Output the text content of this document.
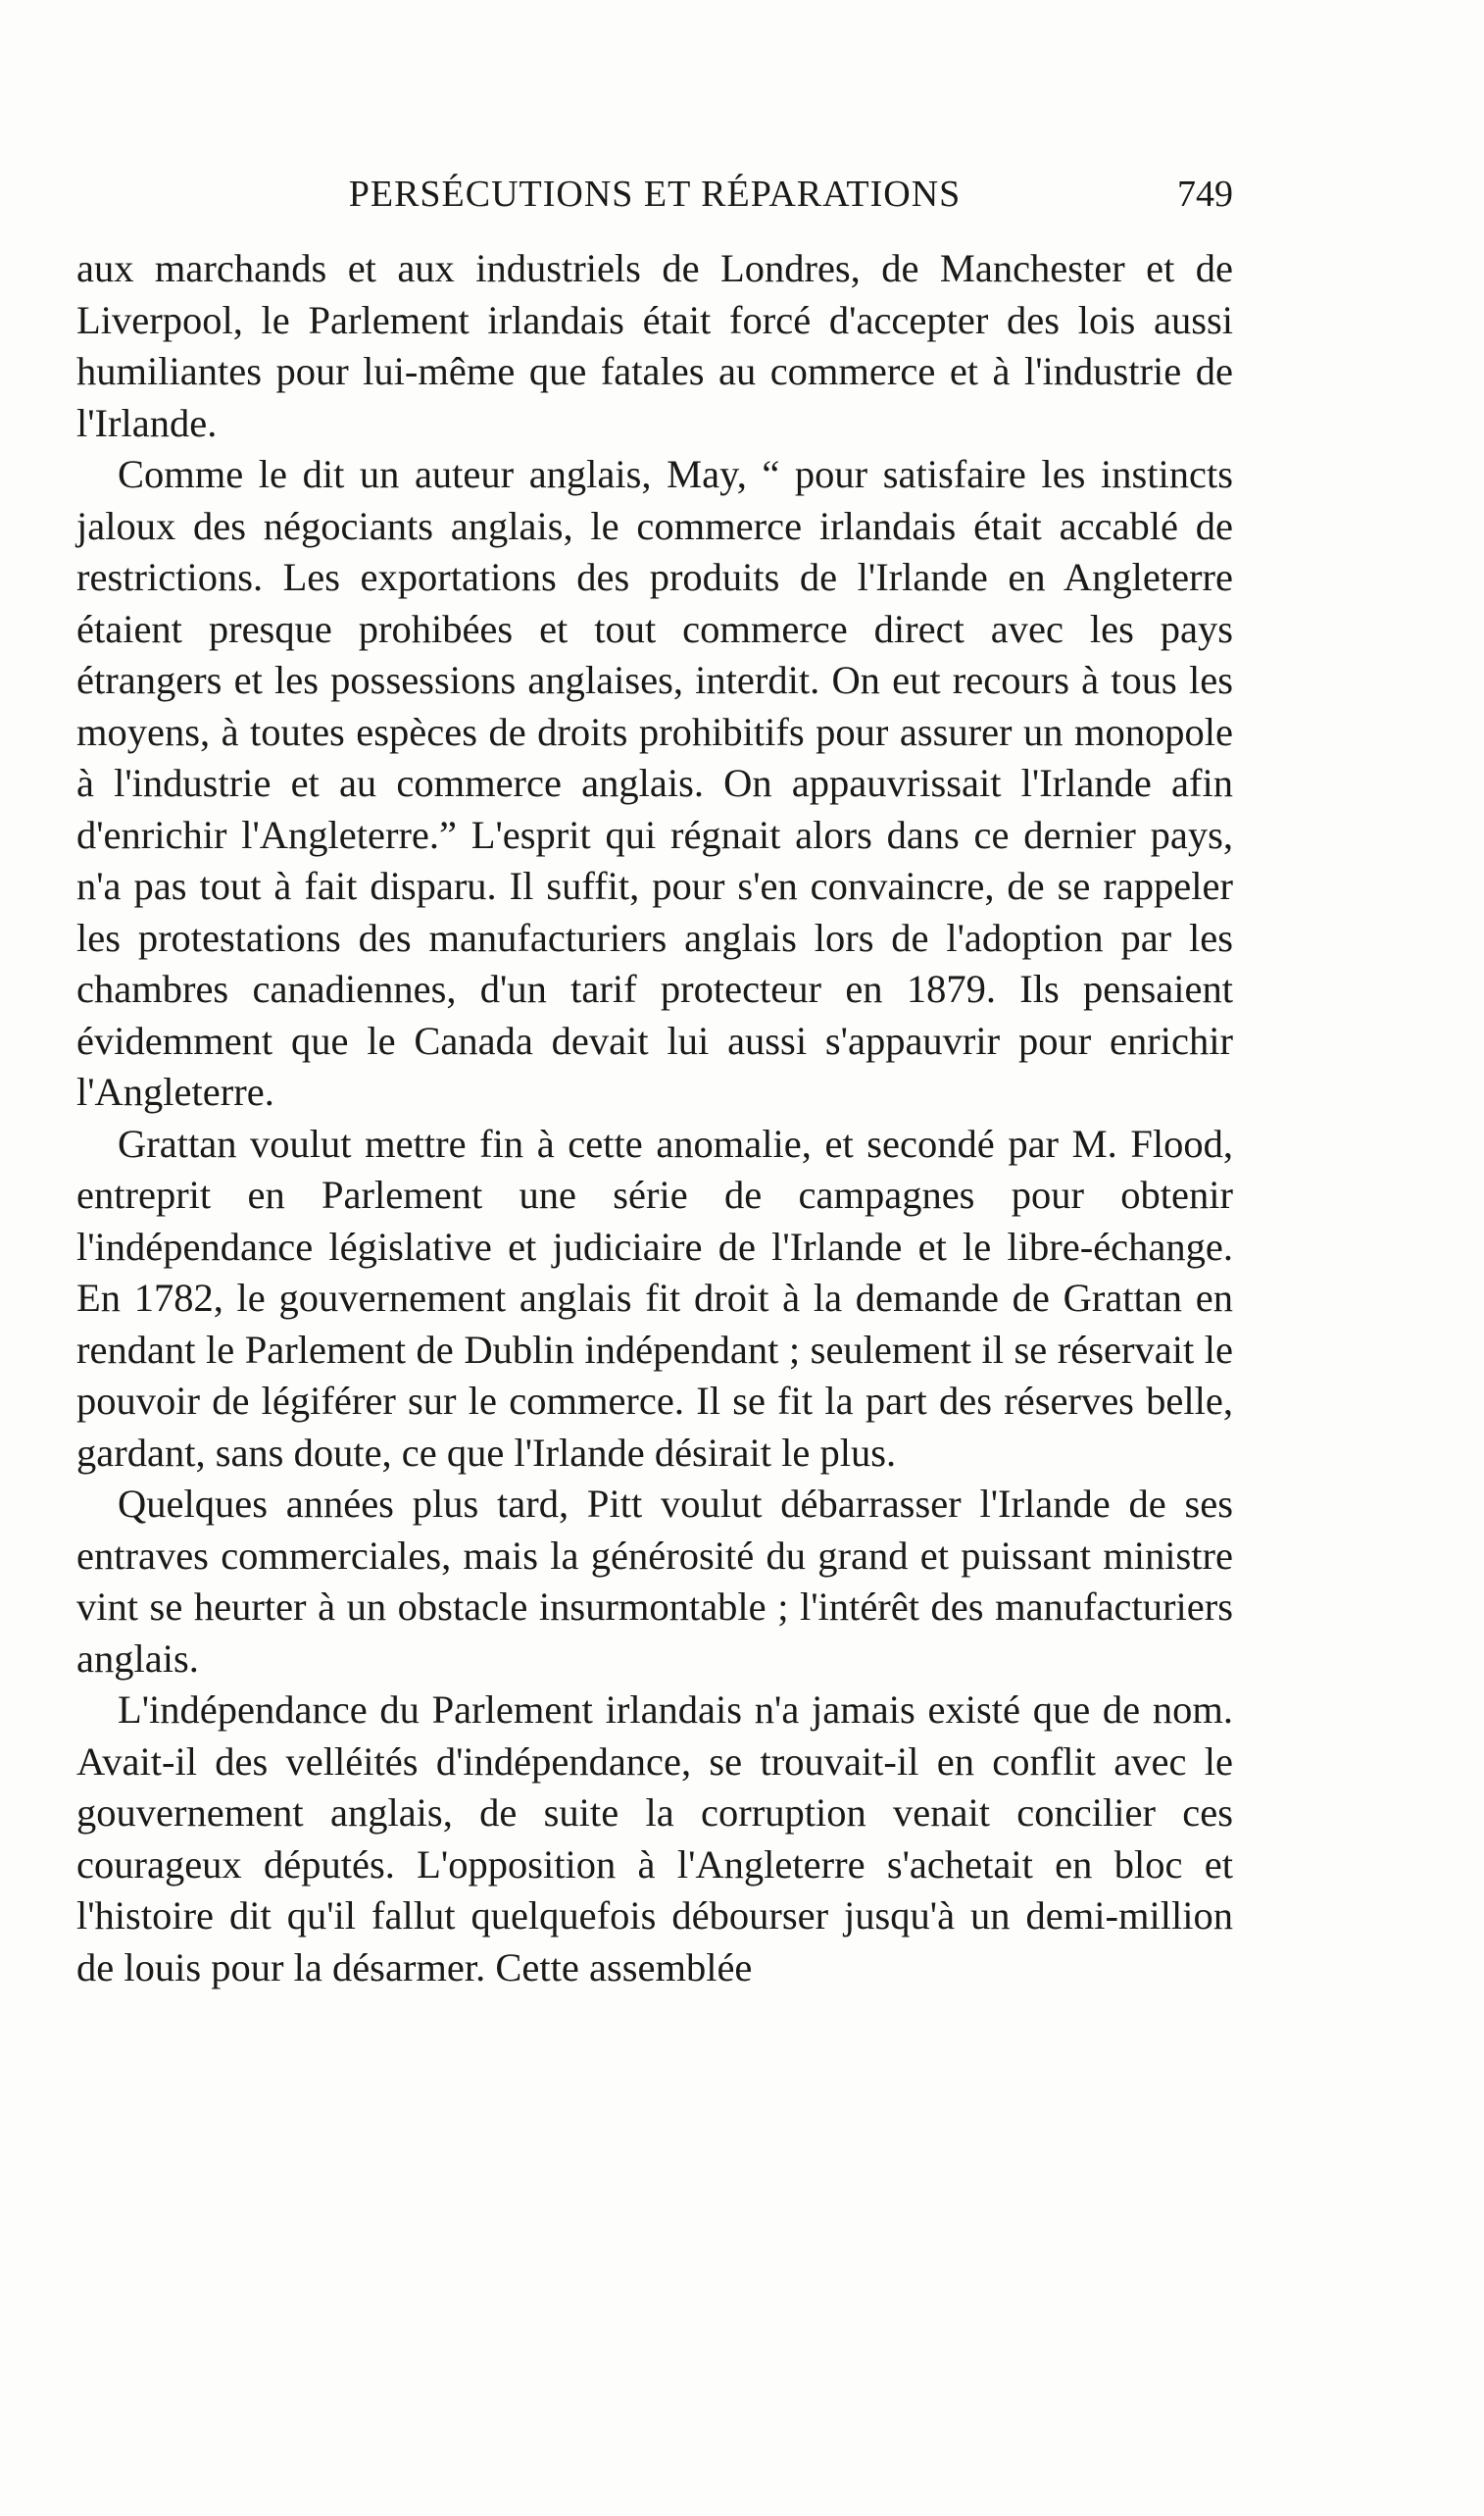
PERSÉCUTIONS ET RÉPARATIONS	749

aux marchands et aux industriels de Londres, de Manchester et de Liverpool, le Parlement irlandais était forcé d'accepter des lois aussi humiliantes pour lui-même que fatales au commerce et à l'industrie de l'Irlande.

Comme le dit un auteur anglais, May, “ pour satisfaire les instincts jaloux des négociants anglais, le commerce irlandais était accablé de restrictions. Les exportations des produits de l'Irlande en Angleterre étaient presque prohibées et tout commerce direct avec les pays étrangers et les possessions anglaises, interdit. On eut recours à tous les moyens, à toutes espèces de droits prohibitifs pour assurer un monopole à l'industrie et au commerce anglais. On appauvrissait l'Irlande afin d'enrichir l'Angleterre.” L'esprit qui régnait alors dans ce dernier pays, n'a pas tout à fait disparu. Il suffit, pour s'en convaincre, de se rappeler les protestations des manufacturiers anglais lors de l'adoption par les chambres canadiennes, d'un tarif protecteur en 1879. Ils pensaient évidemment que le Canada devait lui aussi s'appauvrir pour enrichir l'Angleterre.

Grattan voulut mettre fin à cette anomalie, et secondé par M. Flood, entreprit en Parlement une série de campagnes pour obtenir l'indépendance législative et judiciaire de l'Irlande et le libre-échange. En 1782, le gouvernement anglais fit droit à la demande de Grattan en rendant le Parlement de Dublin indépendant ; seulement il se réservait le pouvoir de légiférer sur le commerce. Il se fit la part des réserves belle, gardant, sans doute, ce que l'Irlande désirait le plus.

Quelques années plus tard, Pitt voulut débarrasser l'Irlande de ses entraves commerciales, mais la générosité du grand et puissant ministre vint se heurter à un obstacle insurmontable ; l'intérêt des manufacturiers anglais.

L'indépendance du Parlement irlandais n'a jamais existé que de nom. Avait-il des velléités d'indépendance, se trouvait-il en conflit avec le gouvernement anglais, de suite la corruption venait concilier ces courageux députés. L'opposition à l'Angleterre s'achetait en bloc et l'histoire dit qu'il fallut quelquefois débourser jusqu'à un demi-million de louis pour la désarmer. Cette assemblée
